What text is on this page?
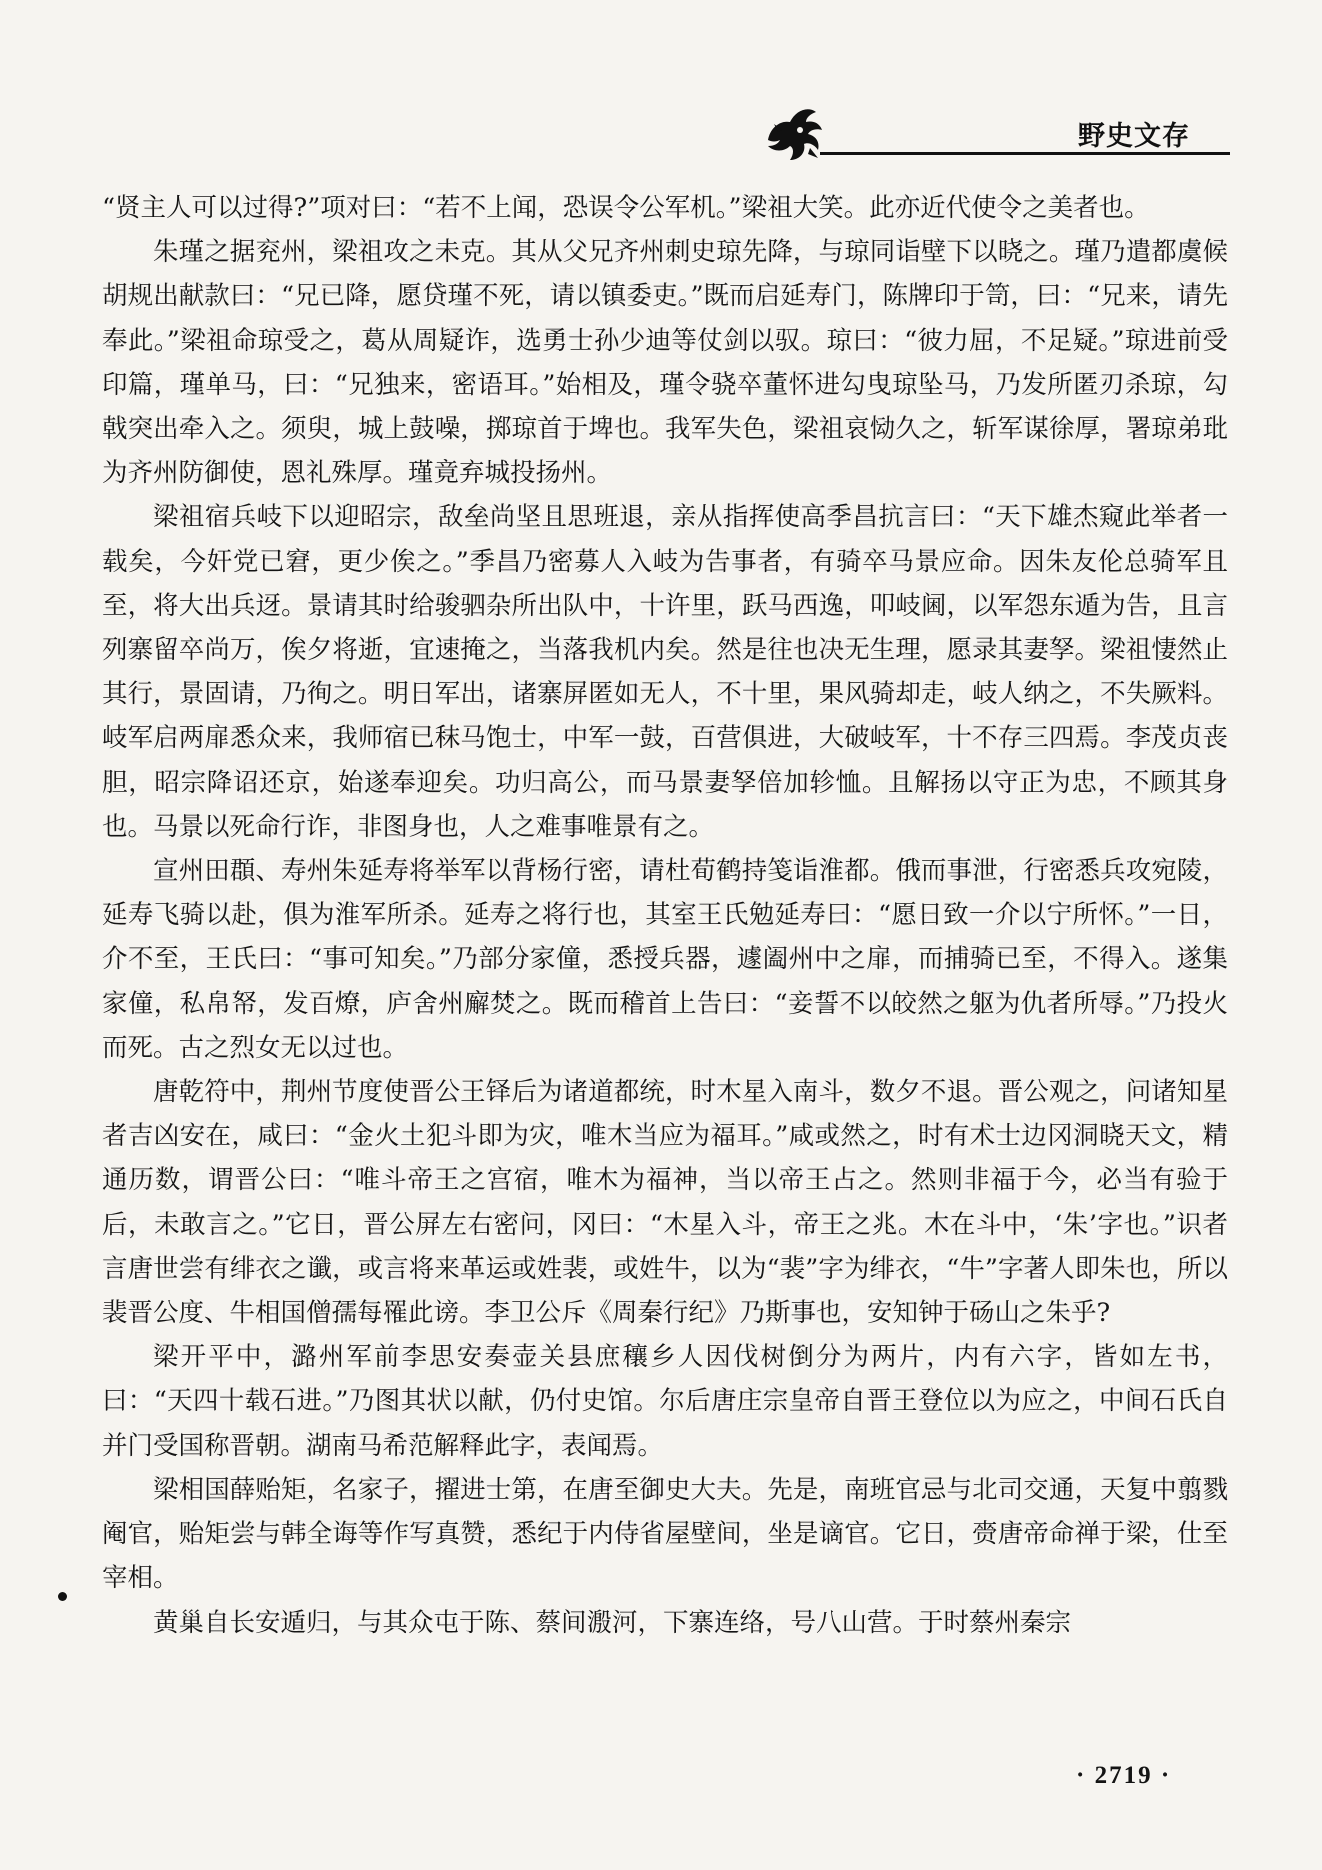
野史文存

“贤主人可以过得?”项对曰：“若不上闻，恐误令公军机。”梁祖大笑。此亦近代使令之美者也。

朱瑾之据兖州，梁祖攻之未克。其从父兄齐州刺史琼先降，与琼同诣壁下以晓之。瑾乃遣都虞候胡规出献款曰：“兄已降，愿贷瑾不死，请以镇委吏。”既而启延寿门，陈牌印于笥，曰：“兄来，请先奉此。”梁祖命琼受之，葛从周疑诈，选勇士孙少迪等仗剑以驭。琼曰：“彼力屈，不足疑。”琼进前受印篇，瑾单马，曰：“兄独来，密语耳。”始相及，瑾令骁卒董怀进勾曳琼坠马，乃发所匿刃杀琼，勾戟突出牵入之。须臾，城上鼓噪，掷琼首于埤也。我军失色，梁祖哀恸久之，斩军谋徐厚，署琼弟玭为齐州防御使，恩礼殊厚。瑾竟弃城投扬州。

梁祖宿兵岐下以迎昭宗，敌垒尚坚且思班退，亲从指挥使高季昌抗言曰：“天下雄杰窥此举者一载矣，今奸党已窘，更少俟之。”季昌乃密募人入岐为告事者，有骑卒马景应命。因朱友伦总骑军且至，将大出兵迓。景请其时给骏驷杂所出队中，十许里，跃马西逸，叩岐阃，以军怨东遁为告，且言列寨留卒尚万，俟夕将逝，宜速掩之，当落我机内矣。然是往也决无生理，愿录其妻孥。梁祖悽然止其行，景固请，乃徇之。明日军出，诸寨屏匿如无人，不十里，果风骑却走，岐人纳之，不失厥料。岐军启两扉悉众来，我师宿已秣马饱士，中军一鼓，百营俱进，大破岐军，十不存三四焉。李茂贞丧胆，昭宗降诏还京，始遂奉迎矣。功归高公，而马景妻孥倍加轸恤。且解扬以守正为忠，不顾其身也。马景以死命行诈，非图身也，人之难事唯景有之。

宣州田頵、寿州朱延寿将举军以背杨行密，请杜荀鹤持笺诣淮都。俄而事泄，行密悉兵攻宛陵，延寿飞骑以赴，俱为淮军所杀。延寿之将行也，其室王氏勉延寿曰：“愿日致一介以宁所怀。”一日，介不至，王氏曰：“事可知矣。”乃部分家僮，悉授兵器，遽阖州中之扉，而捕骑已至，不得入。遂集家僮，私帛帑，发百燎，庐舍州廨焚之。既而稽首上告曰：“妾誓不以皎然之躯为仇者所辱。”乃投火而死。古之烈女无以过也。

唐乾符中，荆州节度使晋公王铎后为诸道都统，时木星入南斗，数夕不退。晋公观之，问诸知星者吉凶安在，咸曰：“金火土犯斗即为灾，唯木当应为福耳。”咸或然之，时有术士边冈洞晓天文，精通历数，谓晋公曰：“唯斗帝王之宫宿，唯木为福神，当以帝王占之。然则非福于今，必当有验于后，未敢言之。”它日，晋公屏左右密问，冈曰：“木星入斗，帝王之兆。木在斗中，‘朱’字也。”识者言唐世尝有绯衣之谶，或言将来革运或姓裴，或姓牛，以为“裴”字为绯衣，“牛”字著人即朱也，所以裴晋公度、牛相国僧孺每罹此谤。李卫公斥《周秦行纪》乃斯事也，安知钟于砀山之朱乎?

梁开平中，潞州军前李思安奏壶关县庶穰乡人因伐树倒分为两片，内有六字，皆如左书，曰：“天四十载石进。”乃图其状以献，仍付史馆。尔后唐庄宗皇帝自晋王登位以为应之，中间石氏自并门受国称晋朝。湖南马希范解释此字，表闻焉。

梁相国薛贻矩，名家子，擢进士第，在唐至御史大夫。先是，南班官忌与北司交通，天复中翦戮阉官，贻矩尝与韩全诲等作写真赞，悉纪于内侍省屋壁间，坐是谪官。它日，赍唐帝命禅于梁，仕至宰相。

黄巢自长安遁归，与其众屯于陈、蔡间溵河，下寨连络，号八山营。于时蔡州秦宗

· 2719 ·
